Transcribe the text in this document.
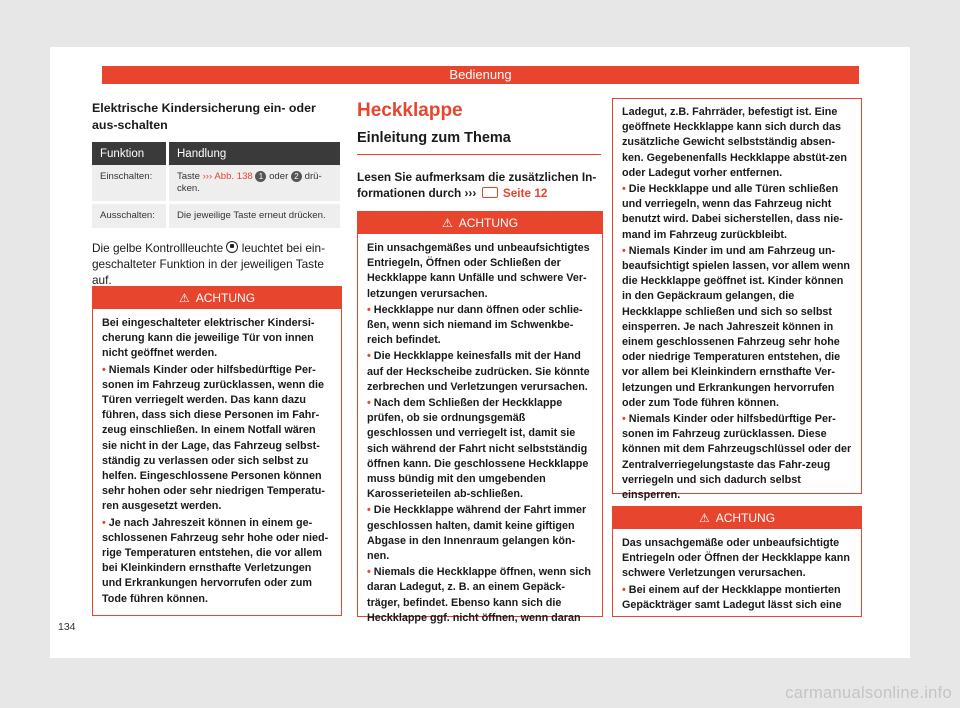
Bedienung
Elektrische Kindersicherung ein- oder aus-schalten
Funktion	Handlung
Einschalten:	Taste ››› Abb. 138 1 oder 2 drü-cken.
Ausschalten:	Die jeweilige Taste erneut drücken.

Die gelbe Kontrollleuchte leuchtet bei ein-geschalteter Funktion in der jeweiligen Taste auf.

⚠ ACHTUNG

Bei eingeschalteter elektrischer Kindersi-cherung kann die jeweilige Tür von innen nicht geöffnet werden.

• Niemals Kinder oder hilfsbedürftige Per-sonen im Fahrzeug zurücklassen, wenn die Türen verriegelt werden. Das kann dazu führen, dass sich diese Personen im Fahr-zeug einschließen. In einem Notfall wären sie nicht in der Lage, das Fahrzeug selbst-ständig zu verlassen oder sich selbst zu helfen. Eingeschlossene Personen können sehr hohen oder sehr niedrigen Temperatu-ren ausgesetzt werden.
• Je nach Jahreszeit können in einem ge-schlossenen Fahrzeug sehr hohe oder nied-rige Temperaturen entstehen, die vor allem bei Kleinkindern ernsthafte Verletzungen und Erkrankungen hervorrufen oder zum Tode führen können.
Heckklappe
Einleitung zum Thema
Lesen Sie aufmerksam die zusätzlichen In-formationen durch ››› Seite 12
⚠ ACHTUNG

Ein unsachgemäßes und unbeaufsichtigtes Entriegeln, Öffnen oder Schließen der Heckklappe kann Unfälle und schwere Ver-letzungen verursachen.

• Heckklappe nur dann öffnen oder schlie-ßen, wenn sich niemand im Schwenkbe-reich befindet.
• Die Heckklappe keinesfalls mit der Hand auf der Heckscheibe zudrücken. Sie könnte zerbrechen und Verletzungen verursachen.
• Nach dem Schließen der Heckklappe prüfen, ob sie ordnungsgemäß geschlossen und verriegelt ist, damit sie sich während der Fahrt nicht selbstständig öffnen kann. Die geschlossene Heckklappe muss bündig mit den umgebenden Karosserieteilen ab-schließen.
• Die Heckklappe während der Fahrt immer geschlossen halten, damit keine giftigen Abgase in den Innenraum gelangen kön-nen.
• Niemals die Heckklappe öffnen, wenn sich daran Ladegut, z. B. an einem Gepäck-träger, befindet. Ebenso kann sich die Heckklappe ggf. nicht öffnen, wenn daran

Ladegut, z.B. Fahrräder, befestigt ist. Eine geöffnete Heckklappe kann sich durch das zusätzliche Gewicht selbstständig absen-ken. Gegebenenfalls Heckklappe abstüt-zen oder Ladegut vorher entfernen.

• Die Heckklappe und alle Türen schließen und verriegeln, wenn das Fahrzeug nicht benutzt wird. Dabei sicherstellen, dass nie-mand im Fahrzeug zurückbleibt.
• Niemals Kinder im und am Fahrzeug un-beaufsichtigt spielen lassen, vor allem wenn die Heckklappe geöffnet ist. Kinder können in den Gepäckraum gelangen, die Heckklappe schließen und sich so selbst einsperren. Je nach Jahreszeit können in einem geschlossenen Fahrzeug sehr hohe oder niedrige Temperaturen entstehen, die vor allem bei Kleinkindern ernsthafte Ver-letzungen und Erkrankungen hervorrufen oder zum Tode führen können.
• Niemals Kinder oder hilfsbedürftige Per-sonen im Fahrzeug zurücklassen. Diese können mit dem Fahrzeugschlüssel oder der Zentralverriegelungstaste das Fahr-zeug verriegeln und sich dadurch selbst einsperren.
⚠ ACHTUNG

Das unsachgemäße oder unbeaufsichtigte Entriegeln oder Öffnen der Heckklappe kann schwere Verletzungen verursachen.

• Bei einem auf der Heckklappe montierten Gepäckträger samt Ladegut lässt sich eine
134
carmanualsonline.info
